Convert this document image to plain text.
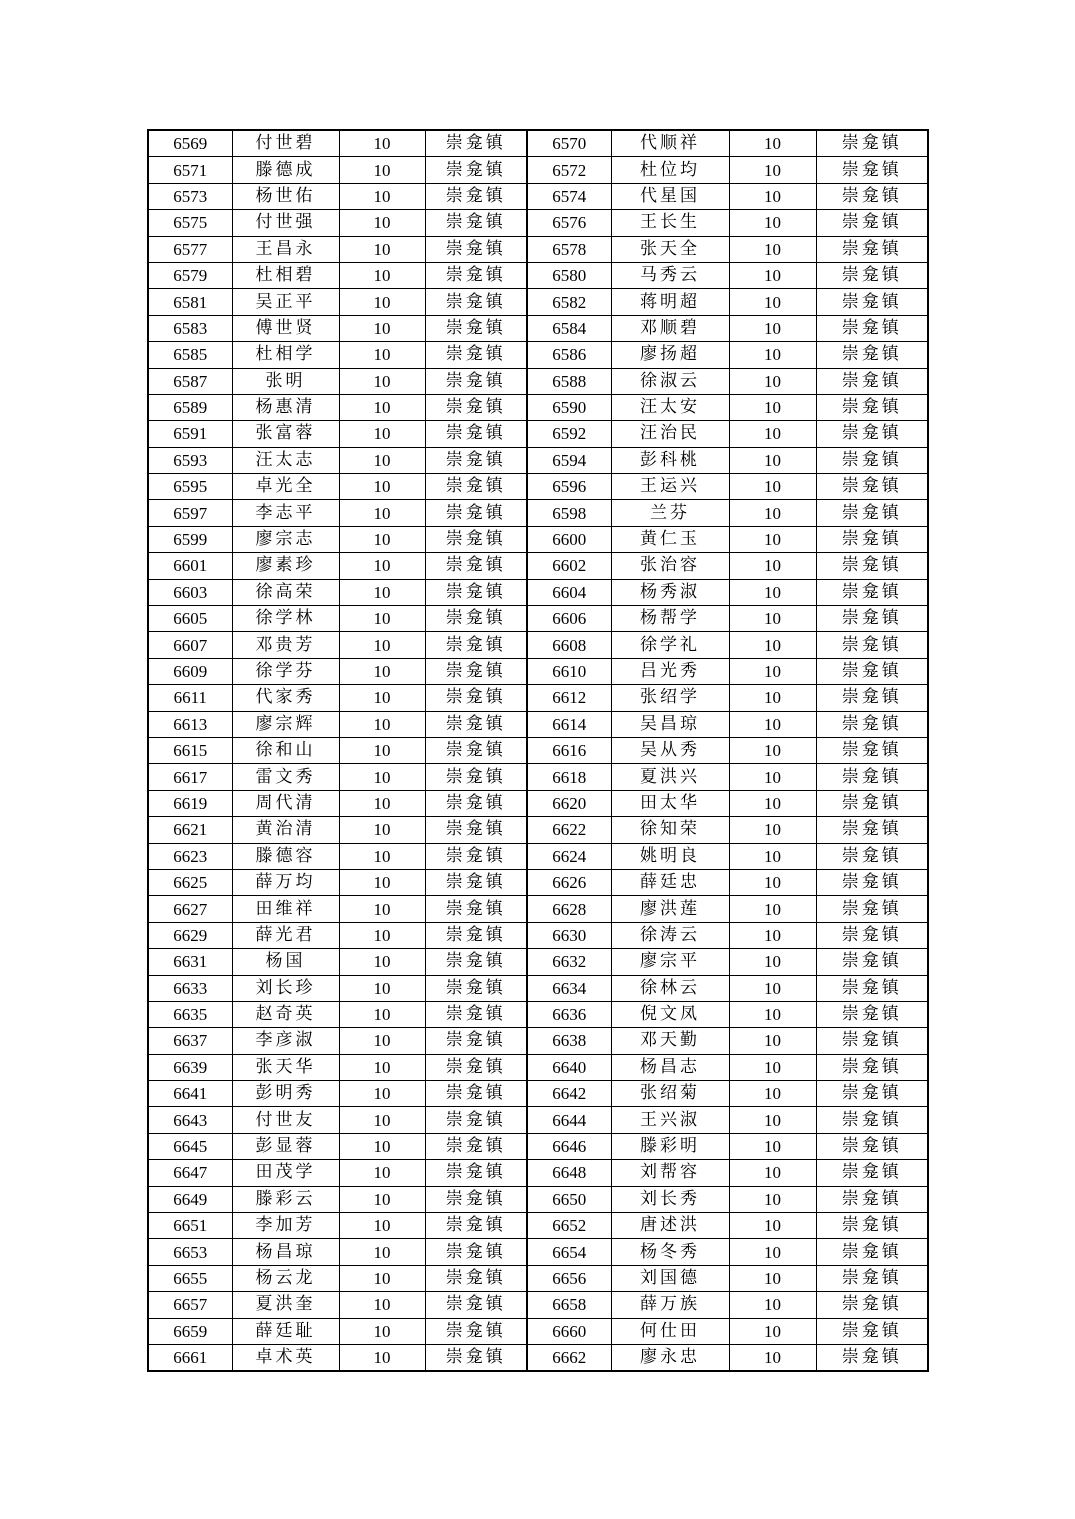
6569	付世碧	10	崇龛镇	6570	代顺祥	10	崇龛镇
6571	滕德成	10	崇龛镇	6572	杜位均	10	崇龛镇
6573	杨世佑	10	崇龛镇	6574	代星国	10	崇龛镇
6575	付世强	10	崇龛镇	6576	王长生	10	崇龛镇
6577	王昌永	10	崇龛镇	6578	张天全	10	崇龛镇
6579	杜相碧	10	崇龛镇	6580	马秀云	10	崇龛镇
6581	吴正平	10	崇龛镇	6582	蒋明超	10	崇龛镇
6583	傅世贤	10	崇龛镇	6584	邓顺碧	10	崇龛镇
6585	杜相学	10	崇龛镇	6586	廖扬超	10	崇龛镇
6587	张明	10	崇龛镇	6588	徐淑云	10	崇龛镇
6589	杨惠清	10	崇龛镇	6590	汪太安	10	崇龛镇
6591	张富蓉	10	崇龛镇	6592	汪治民	10	崇龛镇
6593	汪太志	10	崇龛镇	6594	彭科桃	10	崇龛镇
6595	卓光全	10	崇龛镇	6596	王运兴	10	崇龛镇
6597	李志平	10	崇龛镇	6598	兰芬	10	崇龛镇
6599	廖宗志	10	崇龛镇	6600	黄仁玉	10	崇龛镇
6601	廖素珍	10	崇龛镇	6602	张治容	10	崇龛镇
6603	徐高荣	10	崇龛镇	6604	杨秀淑	10	崇龛镇
6605	徐学林	10	崇龛镇	6606	杨帮学	10	崇龛镇
6607	邓贵芳	10	崇龛镇	6608	徐学礼	10	崇龛镇
6609	徐学芬	10	崇龛镇	6610	吕光秀	10	崇龛镇
6611	代家秀	10	崇龛镇	6612	张绍学	10	崇龛镇
6613	廖宗辉	10	崇龛镇	6614	吴昌琼	10	崇龛镇
6615	徐和山	10	崇龛镇	6616	吴从秀	10	崇龛镇
6617	雷文秀	10	崇龛镇	6618	夏洪兴	10	崇龛镇
6619	周代清	10	崇龛镇	6620	田太华	10	崇龛镇
6621	黄治清	10	崇龛镇	6622	徐知荣	10	崇龛镇
6623	滕德容	10	崇龛镇	6624	姚明良	10	崇龛镇
6625	薛万均	10	崇龛镇	6626	薛廷忠	10	崇龛镇
6627	田维祥	10	崇龛镇	6628	廖洪莲	10	崇龛镇
6629	薛光君	10	崇龛镇	6630	徐涛云	10	崇龛镇
6631	杨国	10	崇龛镇	6632	廖宗平	10	崇龛镇
6633	刘长珍	10	崇龛镇	6634	徐林云	10	崇龛镇
6635	赵奇英	10	崇龛镇	6636	倪文凤	10	崇龛镇
6637	李彦淑	10	崇龛镇	6638	邓天勤	10	崇龛镇
6639	张天华	10	崇龛镇	6640	杨昌志	10	崇龛镇
6641	彭明秀	10	崇龛镇	6642	张绍菊	10	崇龛镇
6643	付世友	10	崇龛镇	6644	王兴淑	10	崇龛镇
6645	彭显蓉	10	崇龛镇	6646	滕彩明	10	崇龛镇
6647	田茂学	10	崇龛镇	6648	刘帮容	10	崇龛镇
6649	滕彩云	10	崇龛镇	6650	刘长秀	10	崇龛镇
6651	李加芳	10	崇龛镇	6652	唐述洪	10	崇龛镇
6653	杨昌琼	10	崇龛镇	6654	杨冬秀	10	崇龛镇
6655	杨云龙	10	崇龛镇	6656	刘国德	10	崇龛镇
6657	夏洪奎	10	崇龛镇	6658	薛万族	10	崇龛镇
6659	薛廷耻	10	崇龛镇	6660	何仕田	10	崇龛镇
6661	卓术英	10	崇龛镇	6662	廖永忠	10	崇龛镇
